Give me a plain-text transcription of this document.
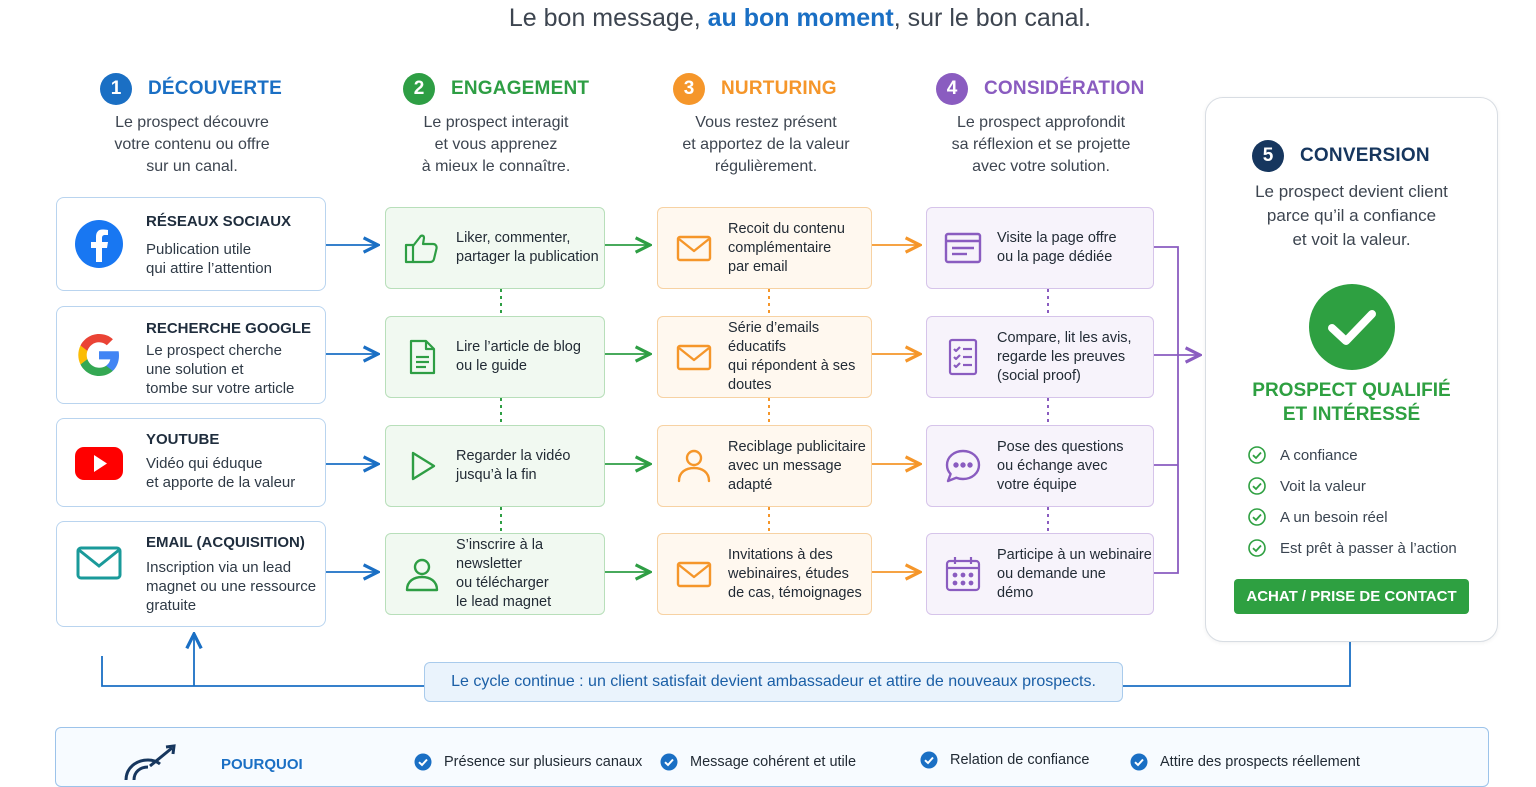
Le bon message, au bon moment, sur le bon canal.
1	DÉCOUVERTE
Le prospect découvre
votre contenu ou offre
sur un canal.
2	ENGAGEMENT
Le prospect interagit
et vous apprenez
à mieux le connaître.
3	NURTURING
Vous restez présent
et apportez de la valeur
régulièrement.
4	CONSIDÉRATION
Le prospect approfondit
sa réflexion et se projette
avec votre solution.
RÉSEAUX SOCIAUX
Publication utile
qui attire l’attention
RECHERCHE GOOGLE
Le prospect cherche
une solution et
tombe sur votre article
YOUTUBE
Vidéo qui éduque
et apporte de la valeur
EMAIL (ACQUISITION)
Inscription via un lead
magnet ou une ressource
gratuite
Liker, commenter,
partager la publication
Lire l’article de blog
ou le guide
Regarder la vidéo
jusqu’à la fin
S’inscrire à la newsletter
ou télécharger
le lead magnet
Recoit du contenu
complémentaire
par email
Série d’emails éducatifs
qui répondent à ses
doutes
Reciblage publicitaire
avec un message
adapté
Invitations à des
webinaires, études
de cas, témoignages
Visite la page offre
ou la page dédiée
Compare, lit les avis,
regarde les preuves
(social proof)
Pose des questions
ou échange avec
votre équipe
Participe à un webinaire
ou demande une
démo
5	CONVERSION
Le prospect devient client
parce qu’il a confiance
et voit la valeur.
PROSPECT QUALIFIÉ
ET INTÉRESSÉ
A confiance
Voit la valeur
A un besoin réel
Est prêt à passer à l’action
ACHAT / PRISE DE CONTACT
Le cycle continue : un client satisfait devient ambassadeur et attire de nouveaux prospects.
POURQUOI	Présence sur plusieurs canaux	Message cohérent et utile	Relation de confiance	Attire des prospects réellement
